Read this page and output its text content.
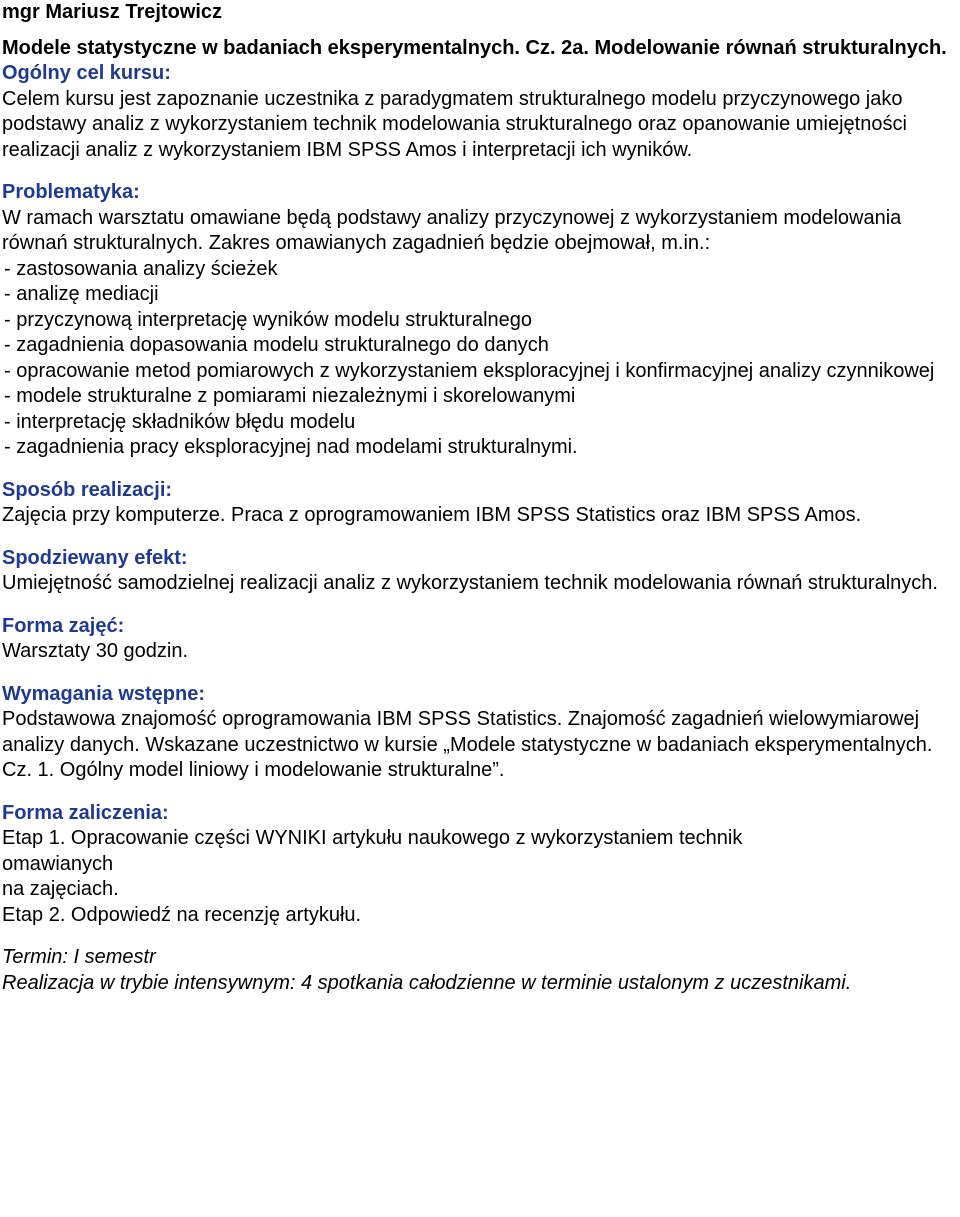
mgr Mariusz Trejtowicz

Modele statystyczne w badaniach eksperymentalnych. Cz. 2a. Modelowanie równań strukturalnych.

Ogólny cel kursu:

Celem kursu jest zapoznanie uczestnika z paradygmatem strukturalnego modelu przyczynowego jako podstawy analiz z wykorzystaniem technik modelowania strukturalnego oraz opanowanie umiejętności realizacji analiz z wykorzystaniem IBM SPSS Amos i interpretacji ich wyników.

Problematyka:

W ramach warsztatu omawiane będą podstawy analizy przyczynowej z wykorzystaniem modelowania równań strukturalnych. Zakres omawianych zagadnień będzie obejmował, m.in.:

- zastosowania analizy ścieżek
- analizę mediacji
- przyczynową interpretację wyników modelu strukturalnego
- zagadnienia dopasowania modelu strukturalnego do danych
- opracowanie metod pomiarowych z wykorzystaniem eksploracyjnej i konfirmacyjnej analizy czynnikowej
- modele strukturalne z pomiarami niezależnymi i skorelowanymi
- interpretację składników błędu modelu
- zagadnienia pracy eksploracyjnej nad modelami strukturalnymi.

Sposób realizacji:

Zajęcia przy komputerze. Praca z oprogramowaniem IBM SPSS Statistics oraz IBM SPSS Amos.

Spodziewany efekt:

Umiejętność samodzielnej realizacji analiz z wykorzystaniem technik modelowania równań strukturalnych.

Forma zajęć:

Warsztaty 30 godzin.

Wymagania wstępne:

Podstawowa znajomość oprogramowania IBM SPSS Statistics. Znajomość zagadnień wielowymiarowej analizy danych. Wskazane uczestnictwo w kursie „Modele statystyczne w badaniach eksperymentalnych. Cz. 1. Ogólny model liniowy i modelowanie strukturalne”.

Forma zaliczenia:

Etap 1. Opracowanie części WYNIKI artykułu naukowego z wykorzystaniem technik

omawianych

na zajęciach.

Etap 2. Odpowiedź na recenzję artykułu.

Termin: I semestr

Realizacja w trybie intensywnym: 4 spotkania całodzienne w terminie ustalonym z uczestnikami.
